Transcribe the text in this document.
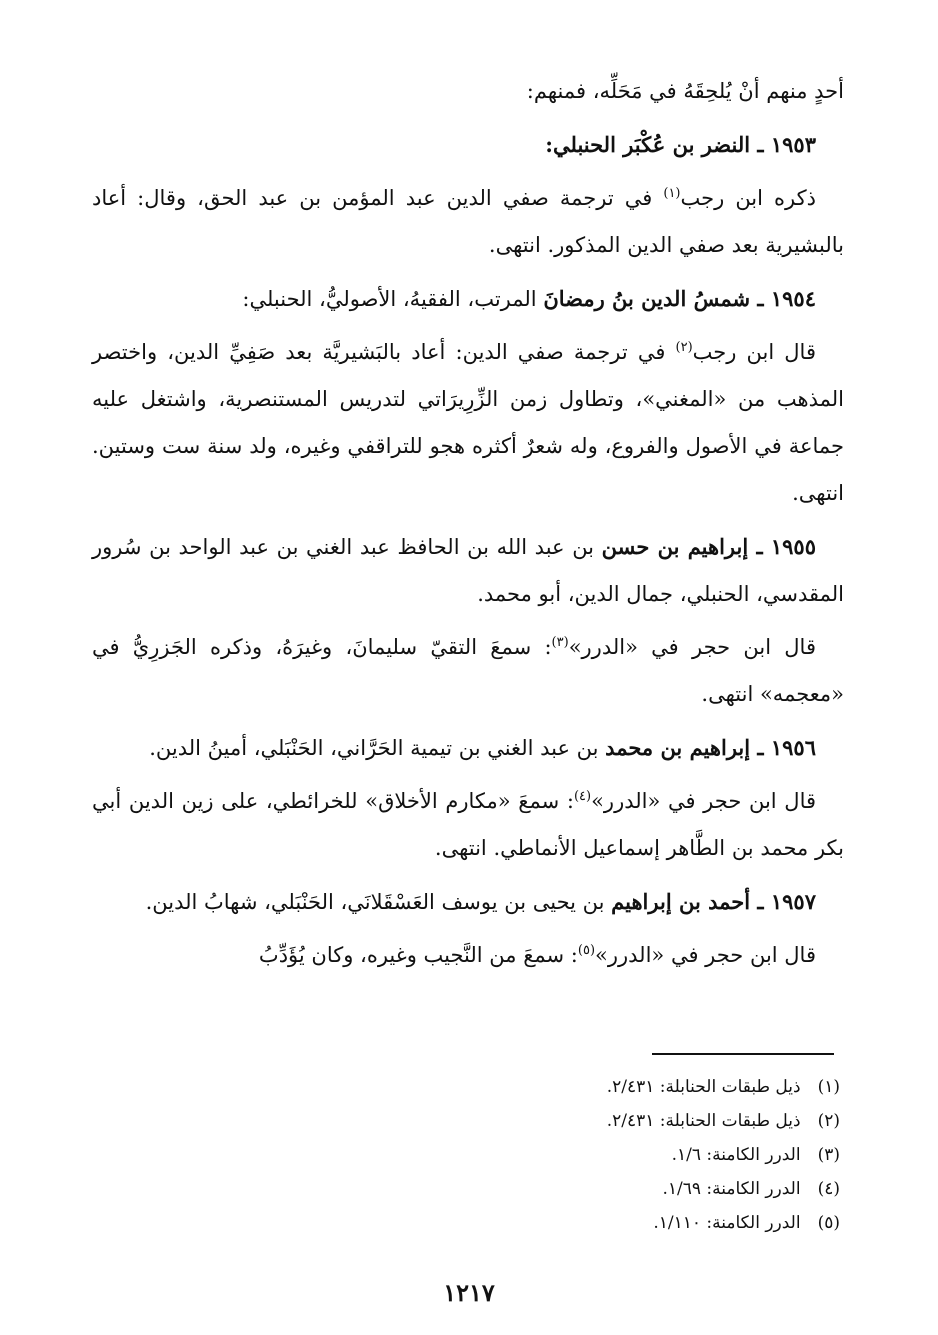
أحدٍ منهم أنْ يُلحِقَهُ في مَحَلِّه، فمنهم:

١٩٥٣ ـ النضر بن عُكْبَر الحنبلي:

ذكره ابن رجب$^{(١)}$ في ترجمة صفي الدين عبد المؤمن بن عبد الحق، وقال: أعاد بالبشيرية بعد صفي الدين المذكور. انتهى.

١٩٥٤ ـ شمسُ الدين بنُ رمضانَ المرتب، الفقيهُ، الأصوليُّ، الحنبلي:

قال ابن رجب$^{(٢)}$ في ترجمة صفي الدين: أعاد بالبَشيريَّة بعد صَفِيِّ الدين، واختصر المذهب من «المغني»، وتطاول زمن الزِّرِيرَاتي لتدريس المستنصرية، واشتغل عليه جماعة في الأصول والفروع، وله شعرٌ أكثره هجو للتراقفي وغيره، ولد سنة ست وستين. انتهى.

١٩٥٥ ـ إبراهيم بن حسن بن عبد الله بن الحافظ عبد الغني بن عبد الواحد بن سُرور المقدسي، الحنبلي، جمال الدين، أبو محمد.

قال ابن حجر في «الدرر»$^{(٣)}$: سمعَ التقيّ سليمانَ، وغيرَهُ، وذكره الجَزرِيُّ في «معجمه» انتهى.

١٩٥٦ ـ إبراهيم بن محمد بن عبد الغني بن تيمية الحَرَّاني، الحَنْبَلي، أمينُ الدين.

قال ابن حجر في «الدرر»$^{(٤)}$: سمعَ «مكارم الأخلاق» للخرائطي، على زين الدين أبي بكر محمد بن الطَّاهر إسماعيل الأنماطي. انتهى.

١٩٥٧ ـ أحمد بن إبراهيم بن يحيى بن يوسف العَسْقَلانَي، الحَنْبَلي، شهابُ الدين.

قال ابن حجر في «الدرر»$^{(٥)}$: سمعَ من النَّجيب وغيره، وكان يُؤَدِّبُ

(١) ذيل طبقات الحنابلة: ٢/٤٣١.
(٢) ذيل طبقات الحنابلة: ٢/٤٣١.
(٣) الدرر الكامنة: ١/٦.
(٤) الدرر الكامنة: ١/٦٩.
(٥) الدرر الكامنة: ١/١١٠.
١٢١٧
